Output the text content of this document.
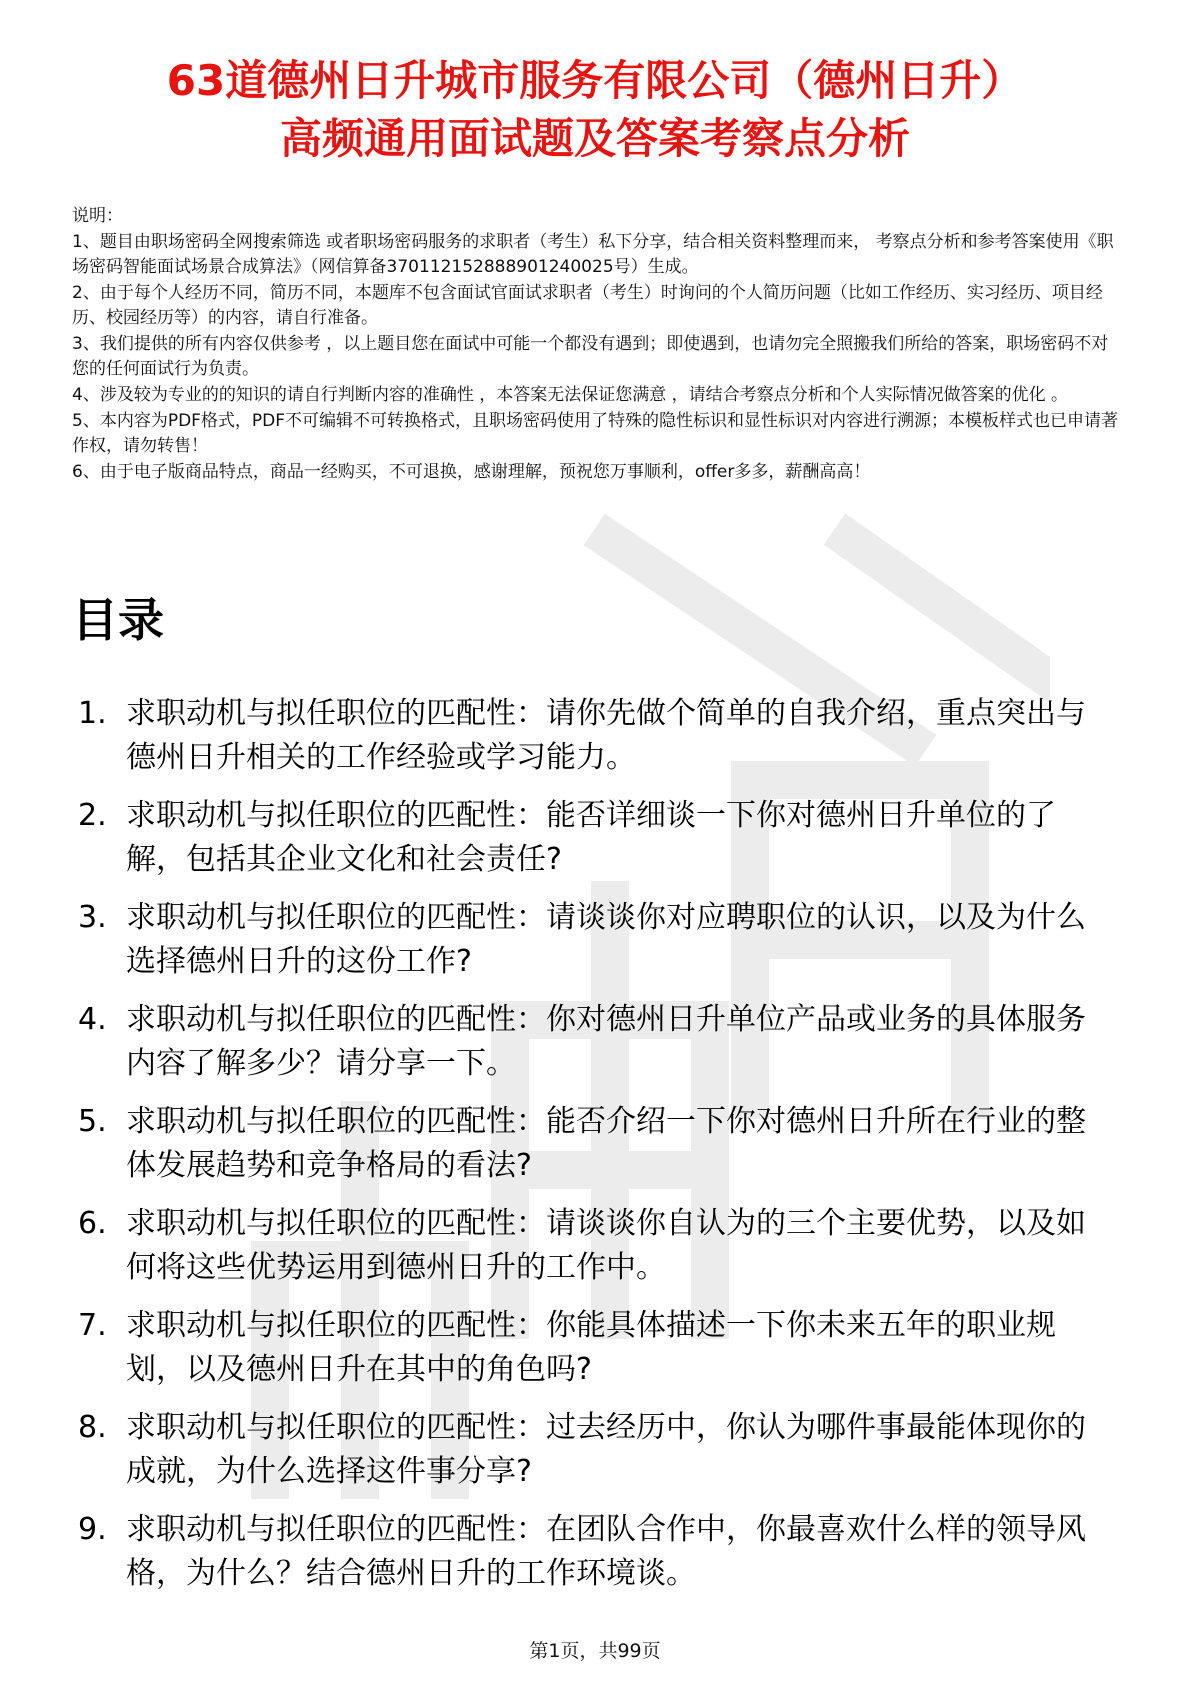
63道德州日升城市服务有限公司（德州日升）
高频通用面试题及答案考察点分析

说明：

1、题目由职场密码全网搜索筛选 或者职场密码服务的求职者（考生）私下分享，结合相关资料整理而来， 考察点分析和参考答案使用《职场密码智能面试场景合成算法》（网信算备370112152888901240025号）生成。

2、由于每个人经历不同，简历不同，本题库不包含面试官面试求职者（考生）时询问的个人简历问题（比如工作经历、实习经历、项目经历、校园经历等）的内容，请自行准备。

3、我们提供的所有内容仅供参考 ，以上题目您在面试中可能一个都没有遇到；即使遇到，也请勿完全照搬我们所给的答案，职场密码不对您的任何面试行为负责。

4、涉及较为专业的的知识的请自行判断内容的准确性 ，本答案无法保证您满意 ，请结合考察点分析和个人实际情况做答案的优化 。

5、本内容为PDF格式，PDF不可编辑不可转换格式，且职场密码使用了特殊的隐性标识和显性标识对内容进行溯源；本模板样式也已申请著作权，请勿转售！

6、由于电子版商品特点，商品一经购买，不可退换，感谢理解，预祝您万事顺利，offer多多，薪酬高高！

目录
1. 求职动机与拟任职位的匹配性：请你先做个简单的自我介绍，重点突出与德州日升相关的工作经验或学习能力。
2. 求职动机与拟任职位的匹配性：能否详细谈一下你对德州日升单位的了解，包括其企业文化和社会责任?
3. 求职动机与拟任职位的匹配性：请谈谈你对应聘职位的认识，以及为什么选择德州日升的这份工作?
4. 求职动机与拟任职位的匹配性：你对德州日升单位产品或业务的具体服务内容了解多少？请分享一下。
5. 求职动机与拟任职位的匹配性：能否介绍一下你对德州日升所在行业的整体发展趋势和竞争格局的看法?
6. 求职动机与拟任职位的匹配性：请谈谈你自认为的三个主要优势，以及如何将这些优势运用到德州日升的工作中。
7. 求职动机与拟任职位的匹配性：你能具体描述一下你未来五年的职业规划，以及德州日升在其中的角色吗?
8. 求职动机与拟任职位的匹配性：过去经历中，你认为哪件事最能体现你的成就，为什么选择这件事分享?
9. 求职动机与拟任职位的匹配性：在团队合作中，你最喜欢什么样的领导风格，为什么？结合德州日升的工作环境谈。
第1页，共99页
